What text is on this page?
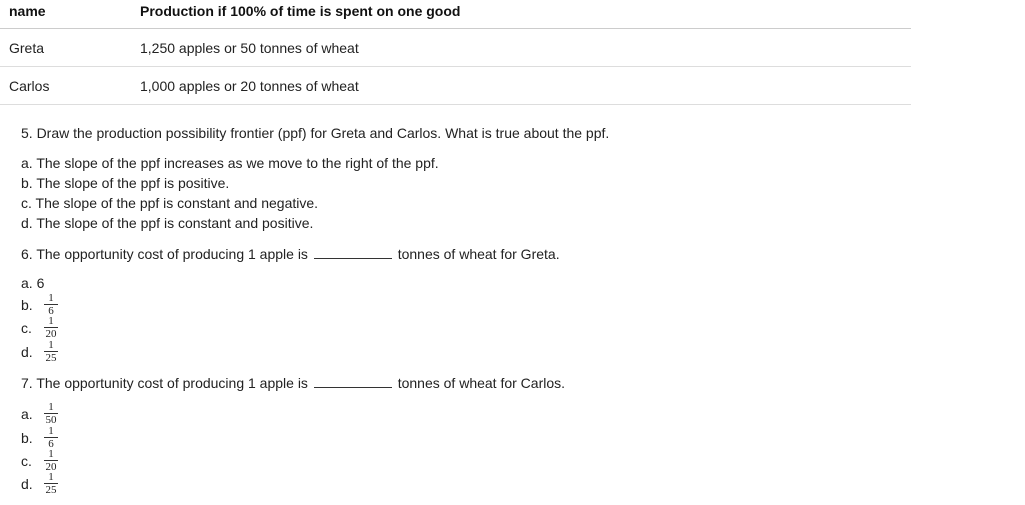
name	Production if 100% of time is spent on one good
Greta	1,250 apples or 50 tonnes of wheat
Carlos	1,000 apples or 20 tonnes of wheat
5. Draw the production possibility frontier (ppf) for Greta and Carlos. What is true about the ppf.
a. The slope of the ppf increases as we move to the right of the ppf.
b. The slope of the ppf is positive.
c. The slope of the ppf is constant and negative.
d. The slope of the ppf is constant and positive.
6. The opportunity cost of producing 1 apple is	tonnes of wheat for Greta.
a. 6
b.	1
6
c.	1
20
d.	1
25
7. The opportunity cost of producing 1 apple is	tonnes of wheat for Carlos.
a.	1
50
b.	1
6
c.	1
20
d.	1
25
